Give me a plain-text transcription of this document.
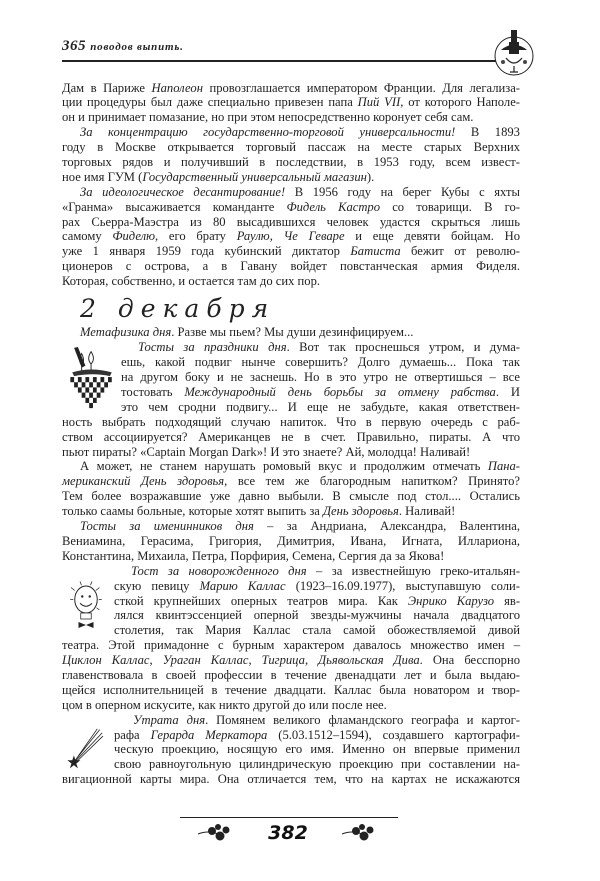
365 поводов выпить.
Дам в Париже Наполеон провозглашается императором Франции. Для легализа-
ции процедуры был даже специально привезен папа Пий VII, от которого Наполе-
он и принимает помазание, но при этом непосредственно коронует себя сам.
За концентрацию государственно-торговой универсальности! В 1893
году в Москве открывается торговый пассаж на месте старых Верхних
торговых рядов и получивший в последствии, в 1953 году, всем извест-
ное имя ГУМ (Государственный универсальный магазин).
За идеологическое десантирование! В 1956 году на берег Кубы с яхты
«Гранма» высаживается команданте Фидель Кастро со товарищи. В го-
рах Сьерра-Маэстра из 80 высадившихся человек удастся скрыться лишь
самому Фиделю, его брату Раулю, Че Геваре и еще девяти бойцам. Но
уже 1 января 1959 года кубинский диктатор Батиста бежит от револю-
ционеров с острова, а в Гавану войдет повстанческая армия Фиделя.
Которая, собственно, и остается там до сих пор.
2 декабря
Метафизика дня. Разве мы пьем? Мы души дезинфицируем...
Тосты за праздники дня. Вот так проснешься утром, и дума-
ешь, какой подвиг нынче совершить? Долго думаешь... Пока так
на другом боку и не заснешь. Но в это утро не отвертишься – все
тостовать Международный день борьбы за отмену рабства. И
это чем сродни подвигу... И еще не забудьте, какая ответствен-
ность выбрать подходящий случаю напиток. Что в первую очередь с раб-
ством ассоциируется? Американцев не в счет. Правильно, пираты. А что
пьют пираты? «Captain Morgan Dark»! И это знаете? Ай, молодца! Наливай!
А может, не станем нарушать ромовый вкус и продолжим отмечать Пана-
мериканский День здоровья, все тем же благородным напитком? Принято?
Тем более возражавшие уже давно выбыли. В смысле под стол.... Остались
только саамы больные, которые хотят выпить за День здоровья. Наливай!
Тосты за именинников дня – за Андриана, Александра, Валентина,
Вениамина, Герасима, Григория, Димитрия, Ивана, Игната, Иллариона,
Константина, Михаила, Петра, Порфирия, Семена, Сергия да за Якова!
Тост за новорожденного дня – за известнейшую греко-итальян-
скую певицу Марию Каллас (1923–16.09.1977), выступавшую соли-
сткой крупнейших оперных театров мира. Как Энрико Карузо яв-
лялся квинтэссенцией оперной звезды-мужчины начала двадцатого
столетия, так Мария Каллас стала самой обожествляемой дивой
театра. Этой примадонне с бурным характером давалось множество имен –
Циклон Каллас, Ураган Каллас, Тигрица, Дьявольская Дива. Она бесспорно
главенствовала в своей профессии в течение двенадцати лет и была выдаю-
щейся исполнительницей в течение двадцати. Каллас была новатором и твор-
цом в оперном искусите, как никто другой до или после нее.
Утрата дня. Помянем великого фламандского географа и картог-
рафа Герарда Меркатора (5.03.1512–1594), создавшего картографи-
ческую проекцию, носящую его имя. Именно он впервые применил
свою равноугольную цилиндрическую проекцию при составлении на-
вигационной карты мира. Она отличается тем, что на картах не искажаются
382
